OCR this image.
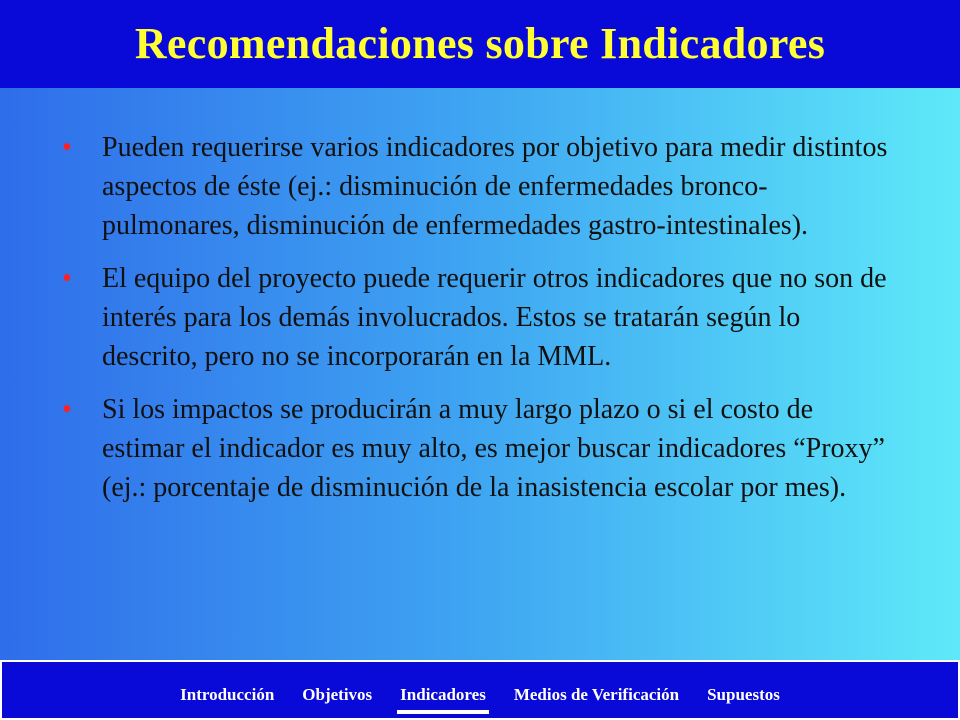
Recomendaciones sobre Indicadores
• Pueden requerirse varios indicadores por objetivo para medir distintos aspectos de éste (ej.: disminución de enfermedades bronco-pulmonares, disminución de enfermedades gastro-intestinales).
• El equipo del proyecto puede requerir otros indicadores que no son de interés para los demás involucrados. Estos se tratarán según lo descrito, pero no se incorporarán en la MML.
• Si los impactos se producirán a muy largo plazo o si el costo de estimar el indicador es muy alto, es mejor buscar indicadores “Proxy” (ej.: porcentaje de disminución de la inasistencia escolar por mes).
Introducción Objetivos Indicadores Medios de Verificación Supuestos
